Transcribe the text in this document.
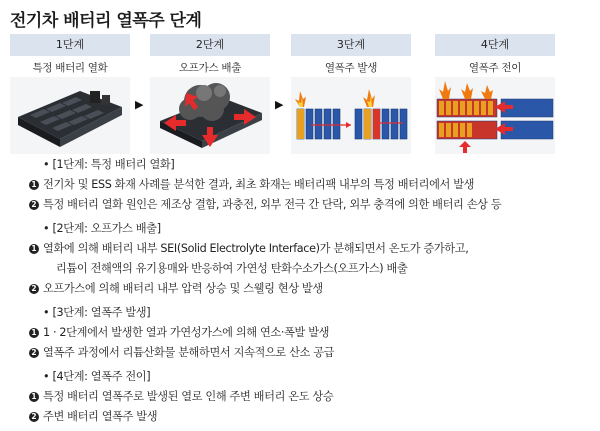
전기차 배터리 열폭주 단계
1단계
특정 배터리 열화
▶
2단계
오프가스 배출
▶
3단계
열폭주 발생
4단계
열폭주 전이
• [1단계: 특정 배터리 열화]
1 전기차 및 ESS 화재 사례를 분석한 결과, 최초 화재는 배터리팩 내부의 특정 배터리에서 발생
2 특정 배터리 열화 원인은 제조상 결함, 과충전, 외부 전극 간 단락, 외부 충격에 의한 배터리 손상 등
• [2단계: 오프가스 배출]
1 열화에 의해 배터리 내부 SEI(Solid Electrolyte Interface)가 분해되면서 온도가 증가하고,
리튬이 전해액의 유기용매와 반응하여 가연성 탄화수소가스(오프가스) 배출
2 오프가스에 의해 배터리 내부 압력 상승 및 스웰링 현상 발생
• [3단계: 열폭주 발생]
1 1 · 2단계에서 발생한 열과 가연성가스에 의해 연소·폭발 발생
2 열폭주 과정에서 리튬산화물 분해하면서 지속적으로 산소 공급
• [4단계: 열폭주 전이]
1 특정 배터리 열폭주로 발생된 열로 인해 주변 배터리 온도 상승
2 주변 배터리 열폭주 발생
